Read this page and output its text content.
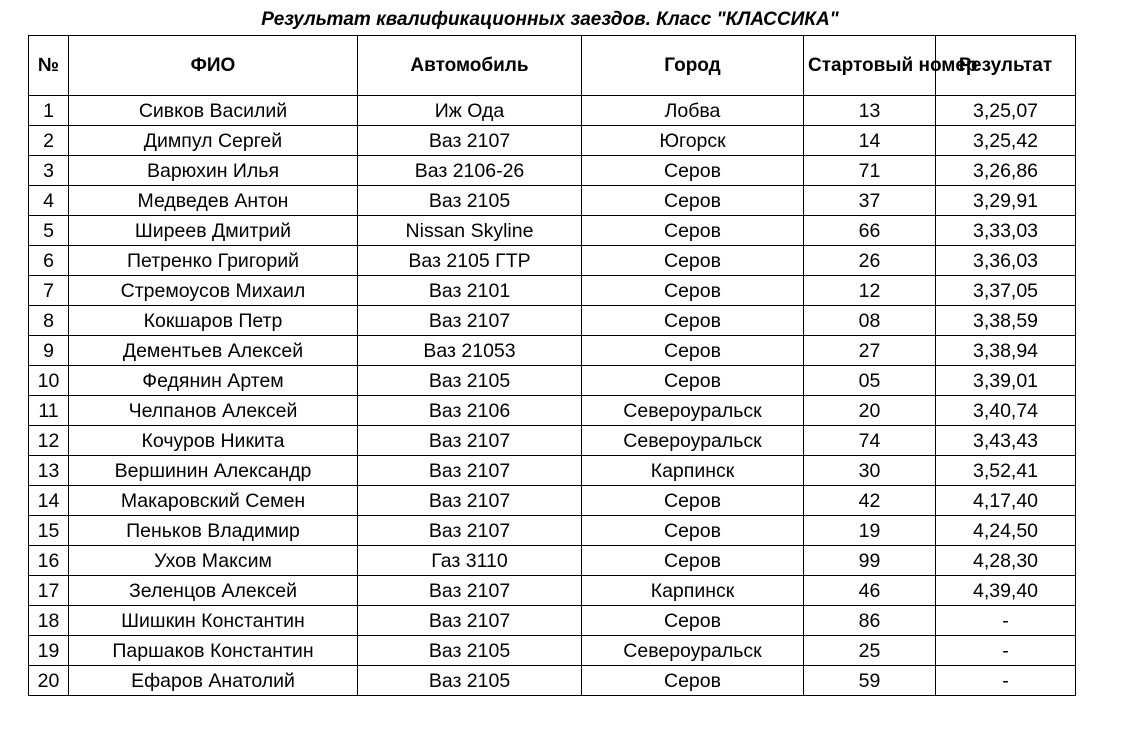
Результат квалификационных заездов. Класс "КЛАССИКА"
№	ФИО	Автомобиль	Город	Стартовый номер	Результат
1	Сивков Василий	Иж Ода	Лобва	13	3,25,07
2	Димпул Сергей	Ваз 2107	Югорск	14	3,25,42
3	Варюхин Илья	Ваз 2106-26	Серов	71	3,26,86
4	Медведев Антон	Ваз 2105	Серов	37	3,29,91
5	Ширеев Дмитрий	Nissan Skyline	Серов	66	3,33,03
6	Петренко Григорий	Ваз 2105 ГТР	Серов	26	3,36,03
7	Стремоусов Михаил	Ваз 2101	Серов	12	3,37,05
8	Кокшаров Петр	Ваз 2107	Серов	08	3,38,59
9	Дементьев Алексей	Ваз 21053	Серов	27	3,38,94
10	Федянин Артем	Ваз 2105	Серов	05	3,39,01
11	Челпанов Алексей	Ваз 2106	Североуральск	20	3,40,74
12	Кочуров Никита	Ваз 2107	Североуральск	74	3,43,43
13	Вершинин Александр	Ваз 2107	Карпинск	30	3,52,41
14	Макаровский Семен	Ваз 2107	Серов	42	4,17,40
15	Пеньков Владимир	Ваз 2107	Серов	19	4,24,50
16	Ухов Максим	Газ 3110	Серов	99	4,28,30
17	Зеленцов Алексей	Ваз 2107	Карпинск	46	4,39,40
18	Шишкин Константин	Ваз 2107	Серов	86	-
19	Паршаков Константин	Ваз 2105	Североуральск	25	-
20	Ефаров Анатолий	Ваз 2105	Серов	59	-
